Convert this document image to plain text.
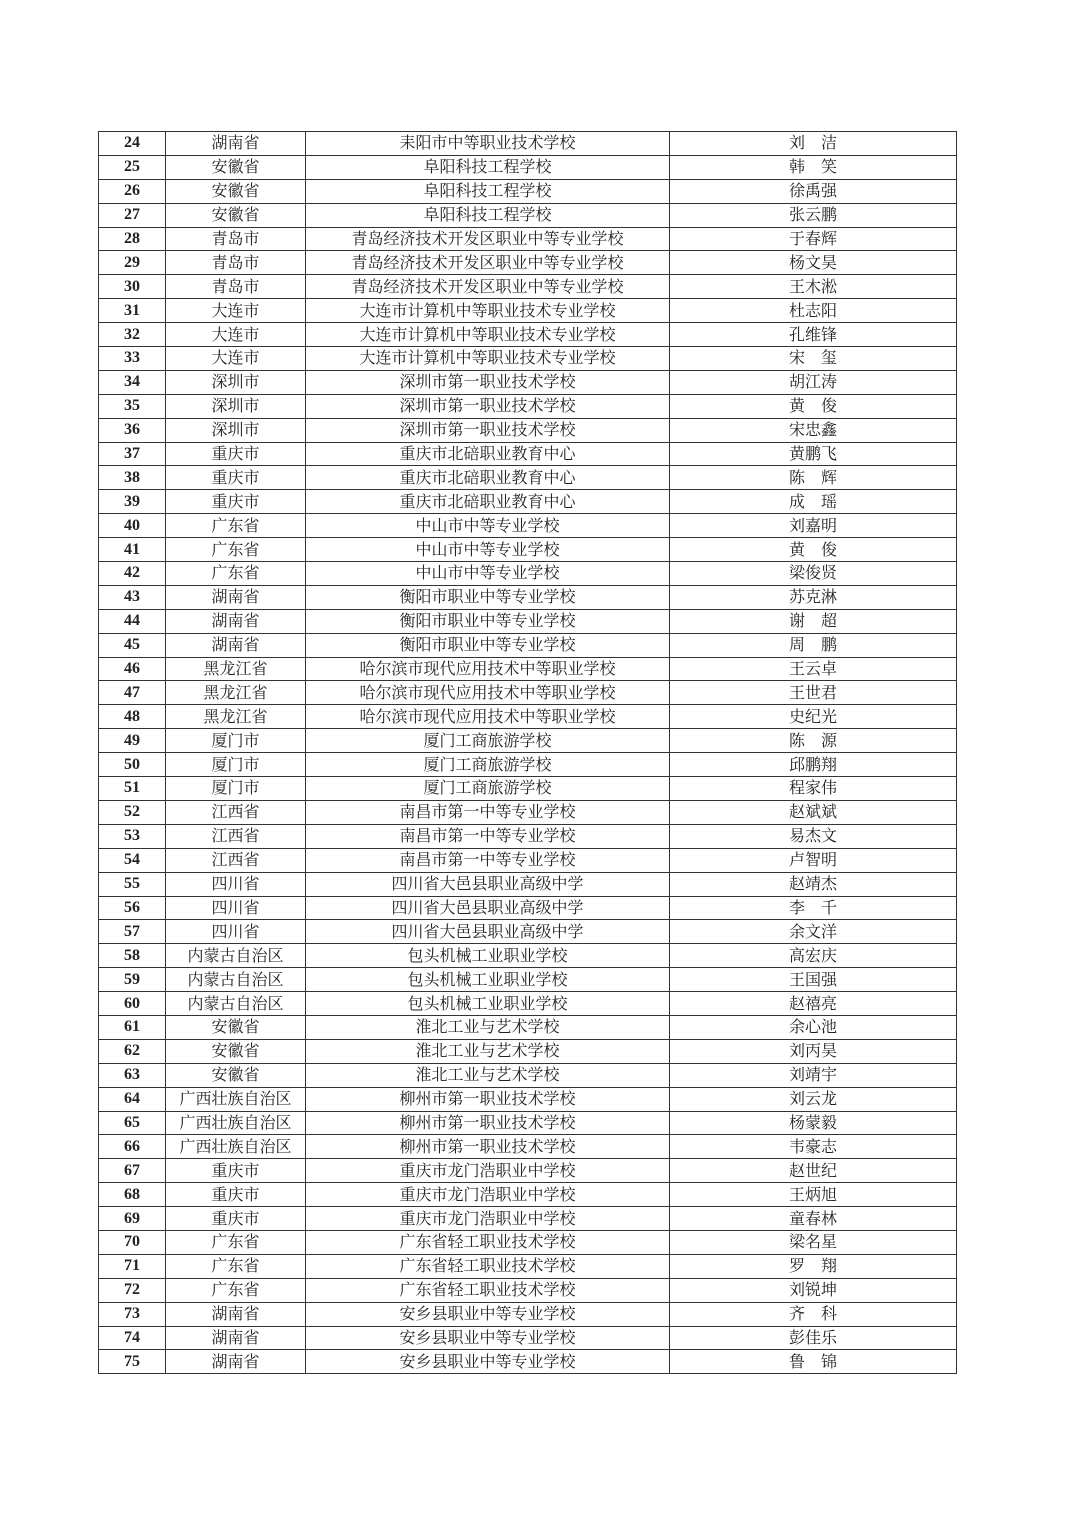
24	湖南省	耒阳市中等职业技术学校	刘　洁
25	安徽省	阜阳科技工程学校	韩　笑
26	安徽省	阜阳科技工程学校	徐禹强
27	安徽省	阜阳科技工程学校	张云鹏
28	青岛市	青岛经济技术开发区职业中等专业学校	于春辉
29	青岛市	青岛经济技术开发区职业中等专业学校	杨文昊
30	青岛市	青岛经济技术开发区职业中等专业学校	王木淞
31	大连市	大连市计算机中等职业技术专业学校	杜志阳
32	大连市	大连市计算机中等职业技术专业学校	孔维锋
33	大连市	大连市计算机中等职业技术专业学校	宋　玺
34	深圳市	深圳市第一职业技术学校	胡江涛
35	深圳市	深圳市第一职业技术学校	黄　俊
36	深圳市	深圳市第一职业技术学校	宋忠鑫
37	重庆市	重庆市北碚职业教育中心	黄鹏飞
38	重庆市	重庆市北碚职业教育中心	陈　辉
39	重庆市	重庆市北碚职业教育中心	成　瑶
40	广东省	中山市中等专业学校	刘嘉明
41	广东省	中山市中等专业学校	黄　俊
42	广东省	中山市中等专业学校	梁俊贤
43	湖南省	衡阳市职业中等专业学校	苏克淋
44	湖南省	衡阳市职业中等专业学校	谢　超
45	湖南省	衡阳市职业中等专业学校	周　鹏
46	黑龙江省	哈尔滨市现代应用技术中等职业学校	王云卓
47	黑龙江省	哈尔滨市现代应用技术中等职业学校	王世君
48	黑龙江省	哈尔滨市现代应用技术中等职业学校	史纪光
49	厦门市	厦门工商旅游学校	陈　源
50	厦门市	厦门工商旅游学校	邱鹏翔
51	厦门市	厦门工商旅游学校	程家伟
52	江西省	南昌市第一中等专业学校	赵斌斌
53	江西省	南昌市第一中等专业学校	易杰文
54	江西省	南昌市第一中等专业学校	卢智明
55	四川省	四川省大邑县职业高级中学	赵靖杰
56	四川省	四川省大邑县职业高级中学	李　千
57	四川省	四川省大邑县职业高级中学	余文洋
58	内蒙古自治区	包头机械工业职业学校	高宏庆
59	内蒙古自治区	包头机械工业职业学校	王国强
60	内蒙古自治区	包头机械工业职业学校	赵禧亮
61	安徽省	淮北工业与艺术学校	余心池
62	安徽省	淮北工业与艺术学校	刘丙昊
63	安徽省	淮北工业与艺术学校	刘靖宇
64	广西壮族自治区	柳州市第一职业技术学校	刘云龙
65	广西壮族自治区	柳州市第一职业技术学校	杨蒙毅
66	广西壮族自治区	柳州市第一职业技术学校	韦豪志
67	重庆市	重庆市龙门浩职业中学校	赵世纪
68	重庆市	重庆市龙门浩职业中学校	王炳旭
69	重庆市	重庆市龙门浩职业中学校	童春林
70	广东省	广东省轻工职业技术学校	梁名星
71	广东省	广东省轻工职业技术学校	罗　翔
72	广东省	广东省轻工职业技术学校	刘锐坤
73	湖南省	安乡县职业中等专业学校	齐　科
74	湖南省	安乡县职业中等专业学校	彭佳乐
75	湖南省	安乡县职业中等专业学校	鲁　锦
